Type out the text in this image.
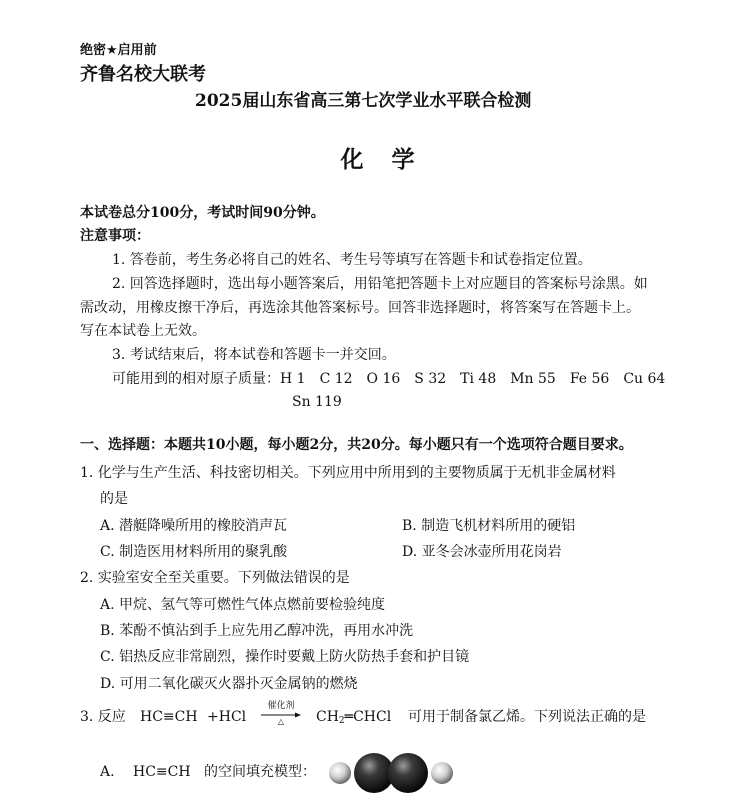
绝密★启用前
齐鲁名校大联考
2025届山东省高三第七次学业水平联合检测
化学
本试卷总分100分，考试时间90分钟。
注意事项：
1. 答卷前，考生务必将自己的姓名、考生号等填写在答题卡和试卷指定位置。
2. 回答选择题时，选出每小题答案后，用铅笔把答题卡上对应题目的答案标号涂黑。如
需改动，用橡皮擦干净后，再选涂其他答案标号。回答非选择题时，将答案写在答题卡上。
写在本试卷上无效。
3. 考试结束后，将本试卷和答题卡一并交回。
可能用到的相对原子质量：H 1　C 12　O 16　S 32　Ti 48　Mn 55　Fe 56　Cu 64
Sn 119
一、选择题：本题共10小题，每小题2分，共20分。每小题只有一个选项符合题目要求。
1. 化学与生产生活、科技密切相关。下列应用中所用到的主要物质属于无机非金属材料
的是
A. 潜艇降噪所用的橡胶消声瓦	B. 制造飞机材料所用的硬铝
C. 制造医用材料所用的聚乳酸	D. 亚冬会冰壶所用花岗岩
2. 实验室安全至关重要。下列做法错误的是
A. 甲烷、氢气等可燃性气体点燃前要检验纯度
B. 苯酚不慎沾到手上应先用乙醇冲洗，再用水冲洗
C. 铝热反应非常剧烈，操作时要戴上防火防热手套和护目镜
D. 可用二氧化碳灭火器扑灭金属钠的燃烧
3. 反应 HC≡CH +HCl
催化剂
△	$CH_2═CHCl$ 可用于制备氯乙烯。下列说法正确的是
A. HC≡CH 的空间填充模型：
